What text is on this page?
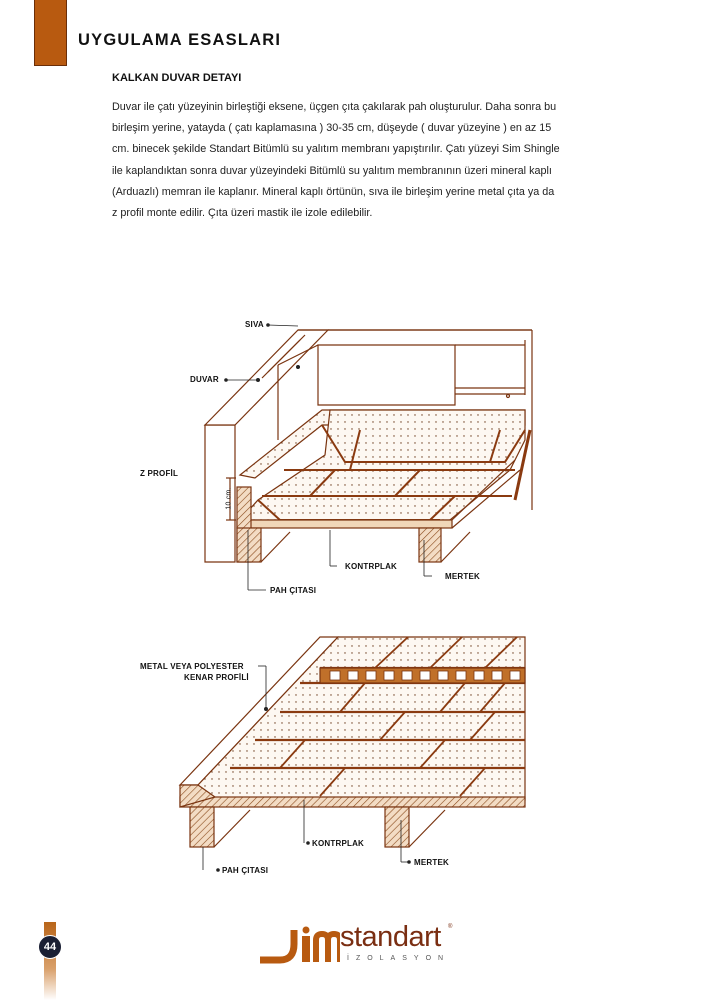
UYGULAMA ESASLARI
KALKAN DUVAR DETAYI
Duvar ile çatı yüzeyinin birleştiği eksene, üçgen çıta çakılarak pah oluşturulur. Daha sonra bu
birleşim yerine, yatayda ( çatı kaplamasına ) 30-35 cm, düşeyde ( duvar yüzeyine ) en az 15
cm. binecek şekilde Standart Bitümlü su yalıtım membranı yapıştırılır. Çatı yüzeyi Sim Shingle
ile kaplandıktan sonra duvar yüzeyindeki Bitümlü su yalıtım membranının üzeri mineral kaplı
(Arduazlı) memran ile kaplanır. Mineral kaplı örtünün, sıva ile birleşim yerine metal çıta ya da
z profil monte edilir. Çıta üzeri mastik ile izole edilebilir.
SIVA
DUVAR
Z PROFİL
10 cm.
KONTRPLAK
MERTEK
PAH ÇITASI
METAL VEYA POLYESTER
KENAR PROFİLİ
KONTRPLAK
MERTEK
PAH ÇITASI
44	standart ®
İZOLASYON
